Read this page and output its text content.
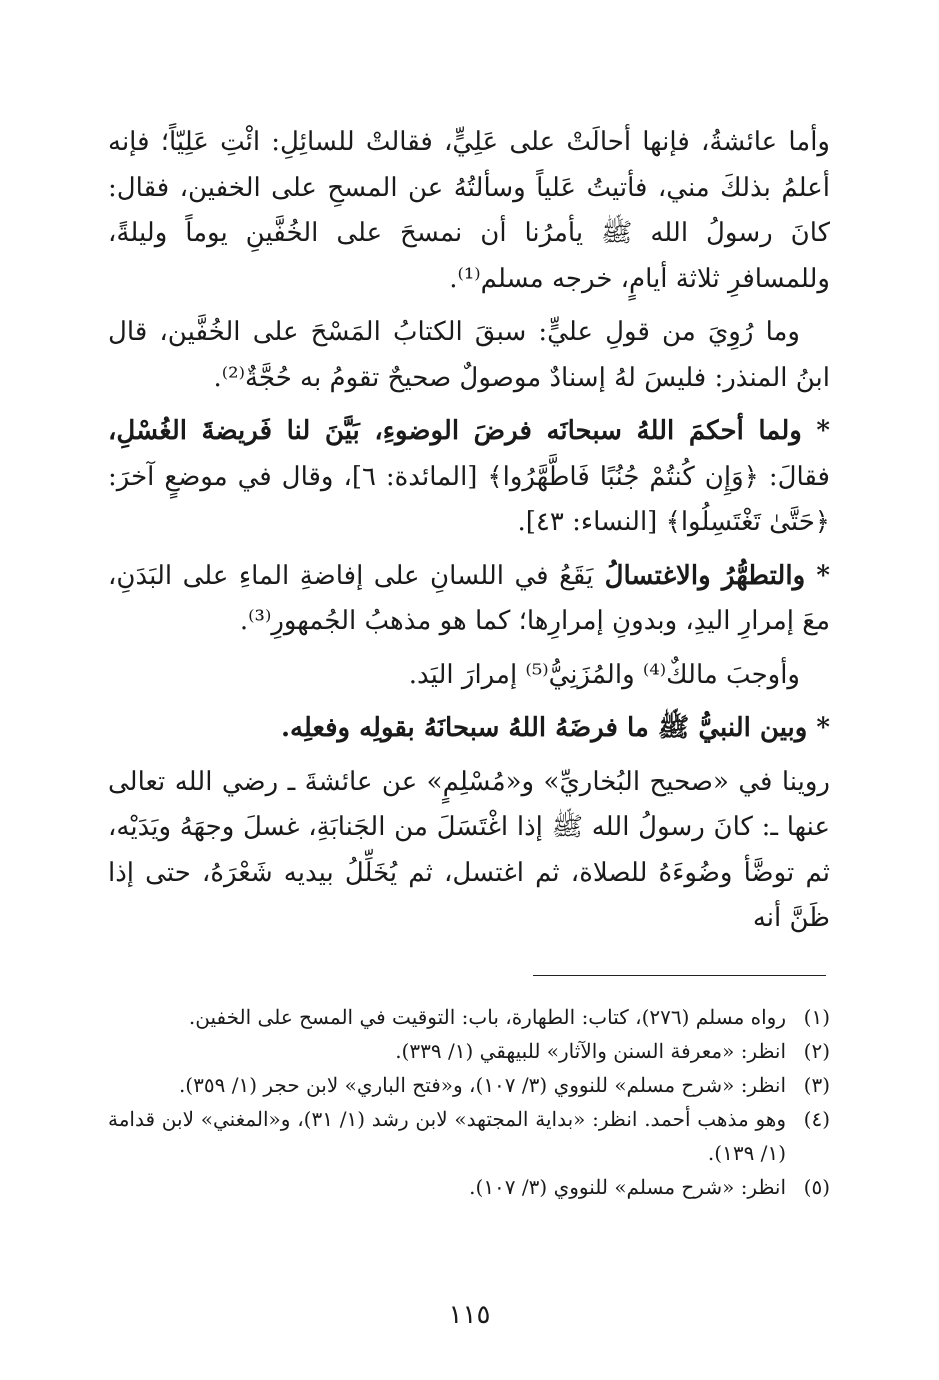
وأما عائشةُ، فإنها أحالَتْ على عَلِيٍّ، فقالتْ للسائِلِ: ائْتِ عَلِيّاً؛ فإنه أعلمُ بذلكَ مني، فأتيتُ عَلياً وسألتُهُ عن المسحِ على الخفين، فقال: كانَ رسولُ الله ﷺ يأمرُنا أن نمسحَ على الخُفَّينِ يوماً وليلةً، وللمسافرِ ثلاثة أيامٍ، خرجه مسلم⁽¹⁾.

وما رُوِيَ من قولِ عليٍّ: سبقَ الكتابُ المَسْحَ على الخُفَّين، قال ابنُ المنذر: فليسَ لهُ إسنادٌ موصولٌ صحيحٌ تقومُ به حُجَّةٌ⁽²⁾.

* ولما أحكمَ اللهُ سبحانَه فرضَ الوضوءِ، بَيَّنَ لنا فَريضةَ الغُسْلِ، فقالَ: ﴿وَإِن كُنتُمْ جُنُبًا فَاطَّهَّرُوا﴾ [المائدة: ٦]، وقال في موضعٍ آخرَ: ﴿حَتَّىٰ تَغْتَسِلُوا﴾ [النساء: ٤٣].

* والتطهُّرُ والاغتسالُ يَقَعُ في اللسانِ على إفاضةِ الماءِ على البَدَنِ، معَ إمرارِ اليدِ، وبدونِ إمرارِها؛ كما هو مذهبُ الجُمهورِ⁽³⁾.

وأوجبَ مالكٌ⁽⁴⁾ والمُزَنِيُّ⁽⁵⁾ إمرارَ اليَد.

* وبين النبيُّ ﷺ ما فرضَهُ اللهُ سبحانَهُ بقولِه وفعلِه.

روينا في «صحيح البُخاريِّ» و«مُسْلِمٍ» عن عائشةَ ـ رضي الله تعالى عنها ـ: كانَ رسولُ الله ﷺ إذا اغْتَسَلَ من الجَنابَةِ، غسلَ وجهَهُ ويَدَيْه، ثم توضَّأ وضُوءَهُ للصلاة، ثم اغتسل، ثم يُخَلِّلُ بيديه شَعْرَهُ، حتى إذا ظَنَّ أنه

(١)
رواه مسلم (٢٧٦)، كتاب: الطهارة، باب: التوقيت في المسح على الخفين.
(٢)
انظر: «معرفة السنن والآثار» للبيهقي (١/ ٣٣٩).
(٣)
انظر: «شرح مسلم» للنووي (٣/ ١٠٧)، و«فتح الباري» لابن حجر (١/ ٣٥٩).
(٤)
وهو مذهب أحمد. انظر: «بداية المجتهد» لابن رشد (١/ ٣١)، و«المغني» لابن قدامة (١/ ١٣٩).
(٥)
انظر: «شرح مسلم» للنووي (٣/ ١٠٧).
١١٥
